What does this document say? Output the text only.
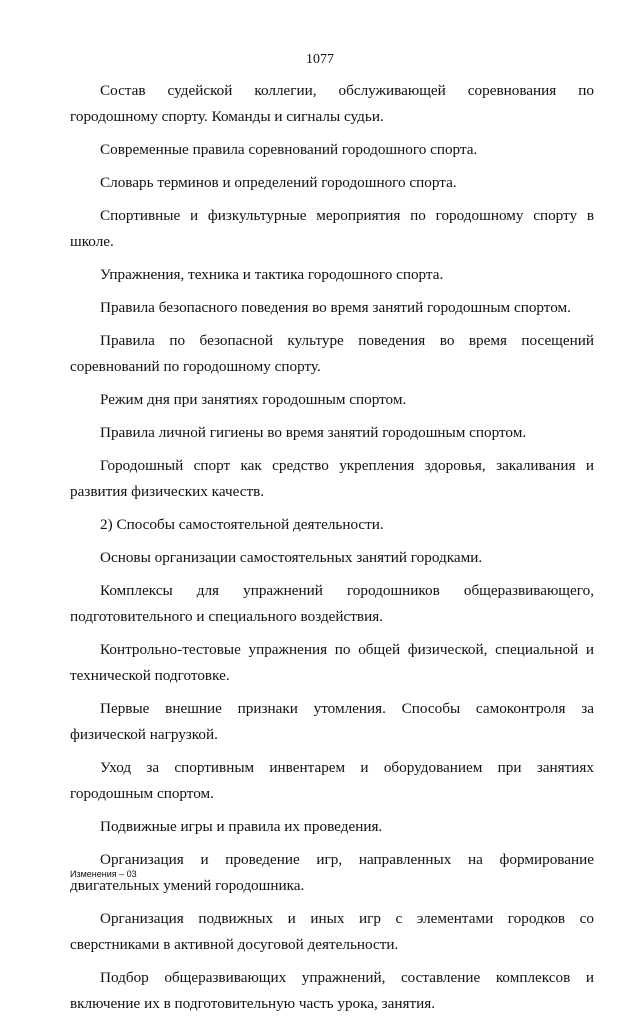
1077

Состав судейской коллегии, обслуживающей соревнования по городошному спорту. Команды и сигналы судьи.

Современные правила соревнований городошного спорта.

Словарь терминов и определений городошного спорта.

Спортивные и физкультурные мероприятия по городошному спорту в школе.

Упражнения, техника и тактика городошного спорта.

Правила безопасного поведения во время занятий городошным спортом.

Правила по безопасной культуре поведения во время посещений соревнований по городошному спорту.

Режим дня при занятиях городошным спортом.

Правила личной гигиены во время занятий городошным спортом.

Городошный спорт как средство укрепления здоровья, закаливания и развития физических качеств.

2) Способы самостоятельной деятельности.

Основы организации самостоятельных занятий городками.

Комплексы для упражнений городошников общеразвивающего, подготовительного и специального воздействия.

Контрольно-тестовые упражнения по общей физической, специальной и технической подготовке.

Первые внешние признаки утомления. Способы самоконтроля за физической нагрузкой.

Уход за спортивным инвентарем и оборудованием при занятиях городошным спортом.

Подвижные игры и правила их проведения.

Организация и проведение игр, направленных на формирование двигательных умений городошника.

Организация подвижных и иных игр с элементами городков со сверстниками в активной досуговой деятельности.

Подбор общеразвивающих упражнений, составление комплексов и включение их в подготовительную часть урока, занятия.

Изменения – 03
